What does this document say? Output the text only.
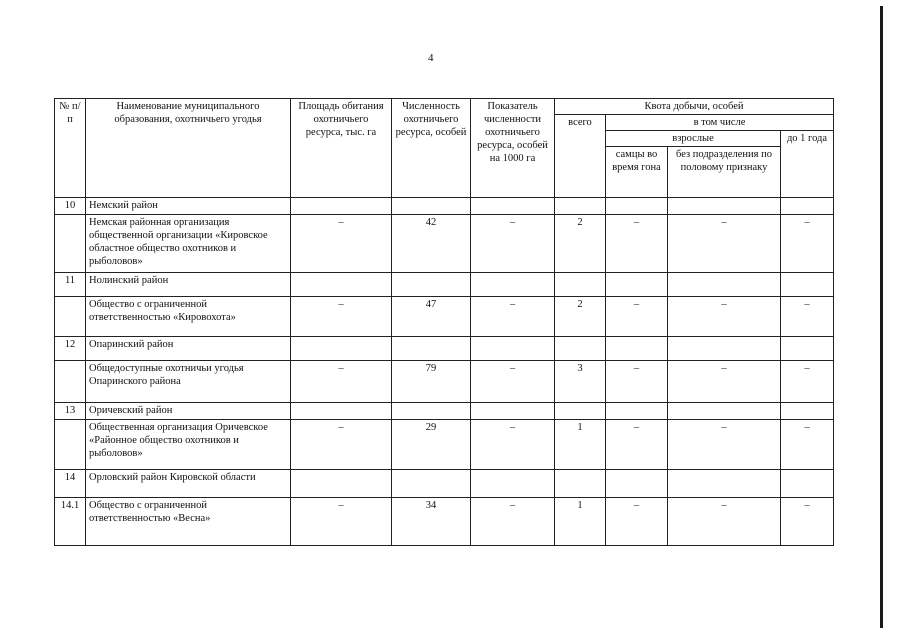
4
№ п/п	Наименование муниципального образования, охотничьего угодья	Площадь обитания охотничьего ресурса, тыс. га	Численность охотничьего ресурса, особей	Показатель численности охотничьего ресурса, особей на 1000 га	Квота добычи, особей			
					всего	в том числе		
						взрослые		до 1 года
						самцы во время гона	без подразделения по половому признаку	
10	Немский район							
	Немская районная организация общественной организации «Кировское областное общество охотников и рыболовов»	–	42	–	2	–	–	–
11	Нолинский район							
	Общество с ограниченной ответственностью «Кировохота»	–	47	–	2	–	–	–
12	Опаринский район							
	Общедоступные охотничьи угодья Опаринского района	–	79	–	3	–	–	–
13	Оричевский район							
	Общественная организация Оричевское «Районное общество охотников и рыболовов»	–	29	–	1	–	–	–
14	Орловский район Кировской области							
14.1	Общество с ограниченной ответственностью «Весна»	–	34	–	1	–	–	–
